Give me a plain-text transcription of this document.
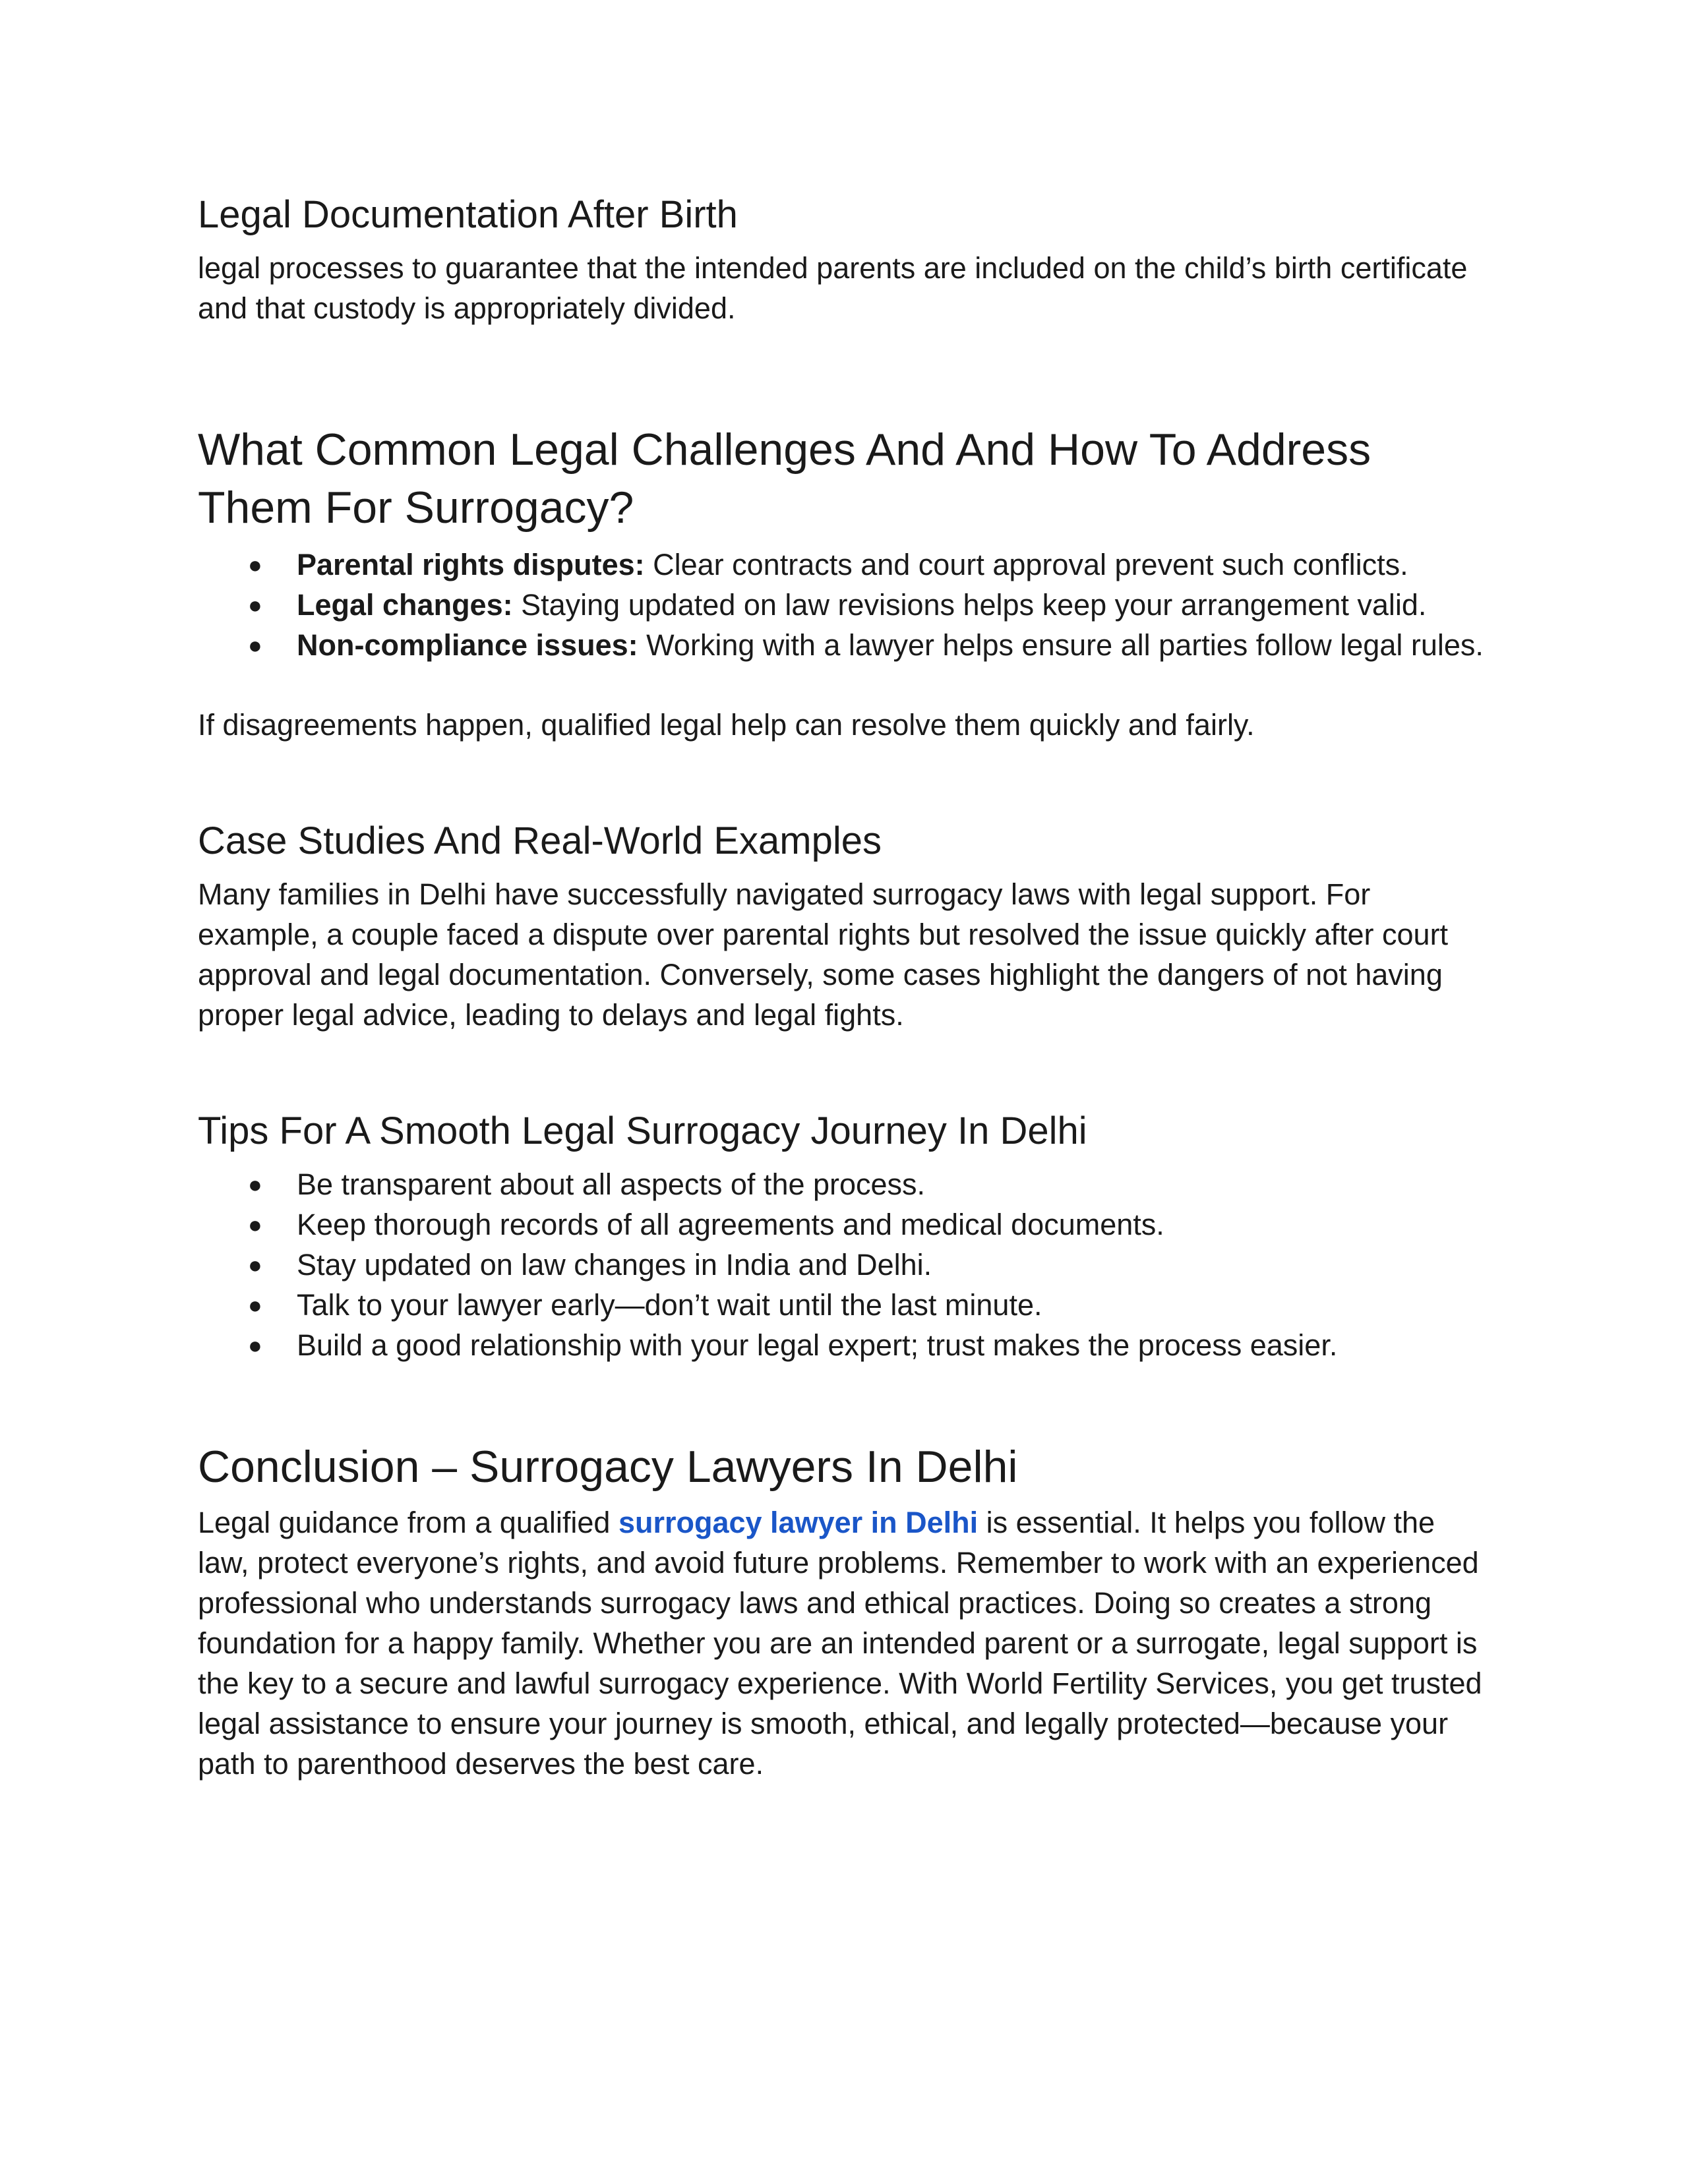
Legal Documentation After Birth

legal processes to guarantee that the intended parents are included on the child’s birth certificate and that custody is appropriately divided.

What Common Legal Challenges And And How To Address Them For Surrogacy?
● Parental rights disputes: Clear contracts and court approval prevent such conflicts.
● Legal changes: Staying updated on law revisions helps keep your arrangement valid.
● Non-compliance issues: Working with a lawyer helps ensure all parties follow legal rules.

If disagreements happen, qualified legal help can resolve them quickly and fairly.

Case Studies And Real-World Examples

Many families in Delhi have successfully navigated surrogacy laws with legal support. For example, a couple faced a dispute over parental rights but resolved the issue quickly after court approval and legal documentation. Conversely, some cases highlight the dangers of not having proper legal advice, leading to delays and legal fights.

Tips For A Smooth Legal Surrogacy Journey In Delhi
● Be transparent about all aspects of the process.
● Keep thorough records of all agreements and medical documents.
● Stay updated on law changes in India and Delhi.
● Talk to your lawyer early—don’t wait until the last minute.
● Build a good relationship with your legal expert; trust makes the process easier.
Conclusion – Surrogacy Lawyers In Delhi

Legal guidance from a qualified surrogacy lawyer in Delhi is essential. It helps you follow the law, protect everyone’s rights, and avoid future problems. Remember to work with an experienced professional who understands surrogacy laws and ethical practices. Doing so creates a strong foundation for a happy family. Whether you are an intended parent or a surrogate, legal support is the key to a secure and lawful surrogacy experience. With World Fertility Services, you get trusted legal assistance to ensure your journey is smooth, ethical, and legally protected—because your path to parenthood deserves the best care.
